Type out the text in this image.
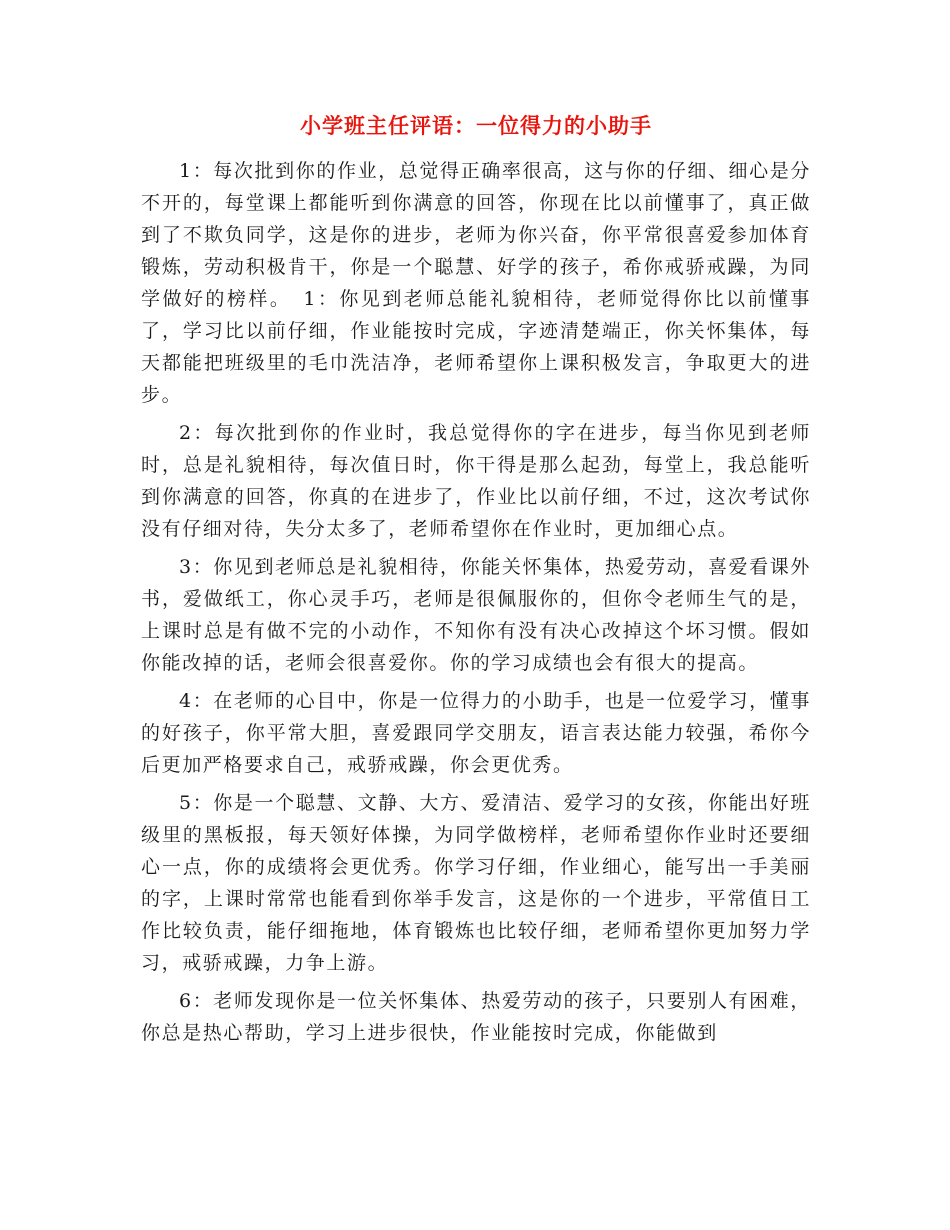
小学班主任评语：一位得力的小助手

1：每次批到你的作业，总觉得正确率很高，这与你的仔细、细心是分不开的，每堂课上都能听到你满意的回答，你现在比以前懂事了，真正做到了不欺负同学，这是你的进步，老师为你兴奋，你平常很喜爱参加体育锻炼，劳动积极肯干，你是一个聪慧、好学的孩子，希你戒骄戒躁，为同学做好的榜样。　1：你见到老师总能礼貌相待，老师觉得你比以前懂事了，学习比以前仔细，作业能按时完成，字迹清楚端正，你关怀集体，每天都能把班级里的毛巾洗洁净，老师希望你上课积极发言，争取更大的进步。

2：每次批到你的作业时，我总觉得你的字在进步，每当你见到老师时，总是礼貌相待，每次值日时，你干得是那么起劲，每堂上，我总能听到你满意的回答，你真的在进步了，作业比以前仔细，不过，这次考试你没有仔细对待，失分太多了，老师希望你在作业时，更加细心点。

3：你见到老师总是礼貌相待，你能关怀集体，热爱劳动，喜爱看课外书，爱做纸工，你心灵手巧，老师是很佩服你的，但你令老师生气的是，上课时总是有做不完的小动作，不知你有没有决心改掉这个坏习惯。假如你能改掉的话，老师会很喜爱你。你的学习成绩也会有很大的提高。

4：在老师的心目中，你是一位得力的小助手，也是一位爱学习，懂事的好孩子，你平常大胆，喜爱跟同学交朋友，语言表达能力较强，希你今后更加严格要求自己，戒骄戒躁，你会更优秀。

5：你是一个聪慧、文静、大方、爱清洁、爱学习的女孩，你能出好班级里的黑板报，每天领好体操，为同学做榜样，老师希望你作业时还要细心一点，你的成绩将会更优秀。你学习仔细，作业细心，能写出一手美丽的字，上课时常常也能看到你举手发言，这是你的一个进步，平常值日工作比较负责，能仔细拖地，体育锻炼也比较仔细，老师希望你更加努力学习，戒骄戒躁，力争上游。

6：老师发现你是一位关怀集体、热爱劳动的孩子，只要别人有困难，你总是热心帮助，学习上进步很快，作业能按时完成，你能做到
